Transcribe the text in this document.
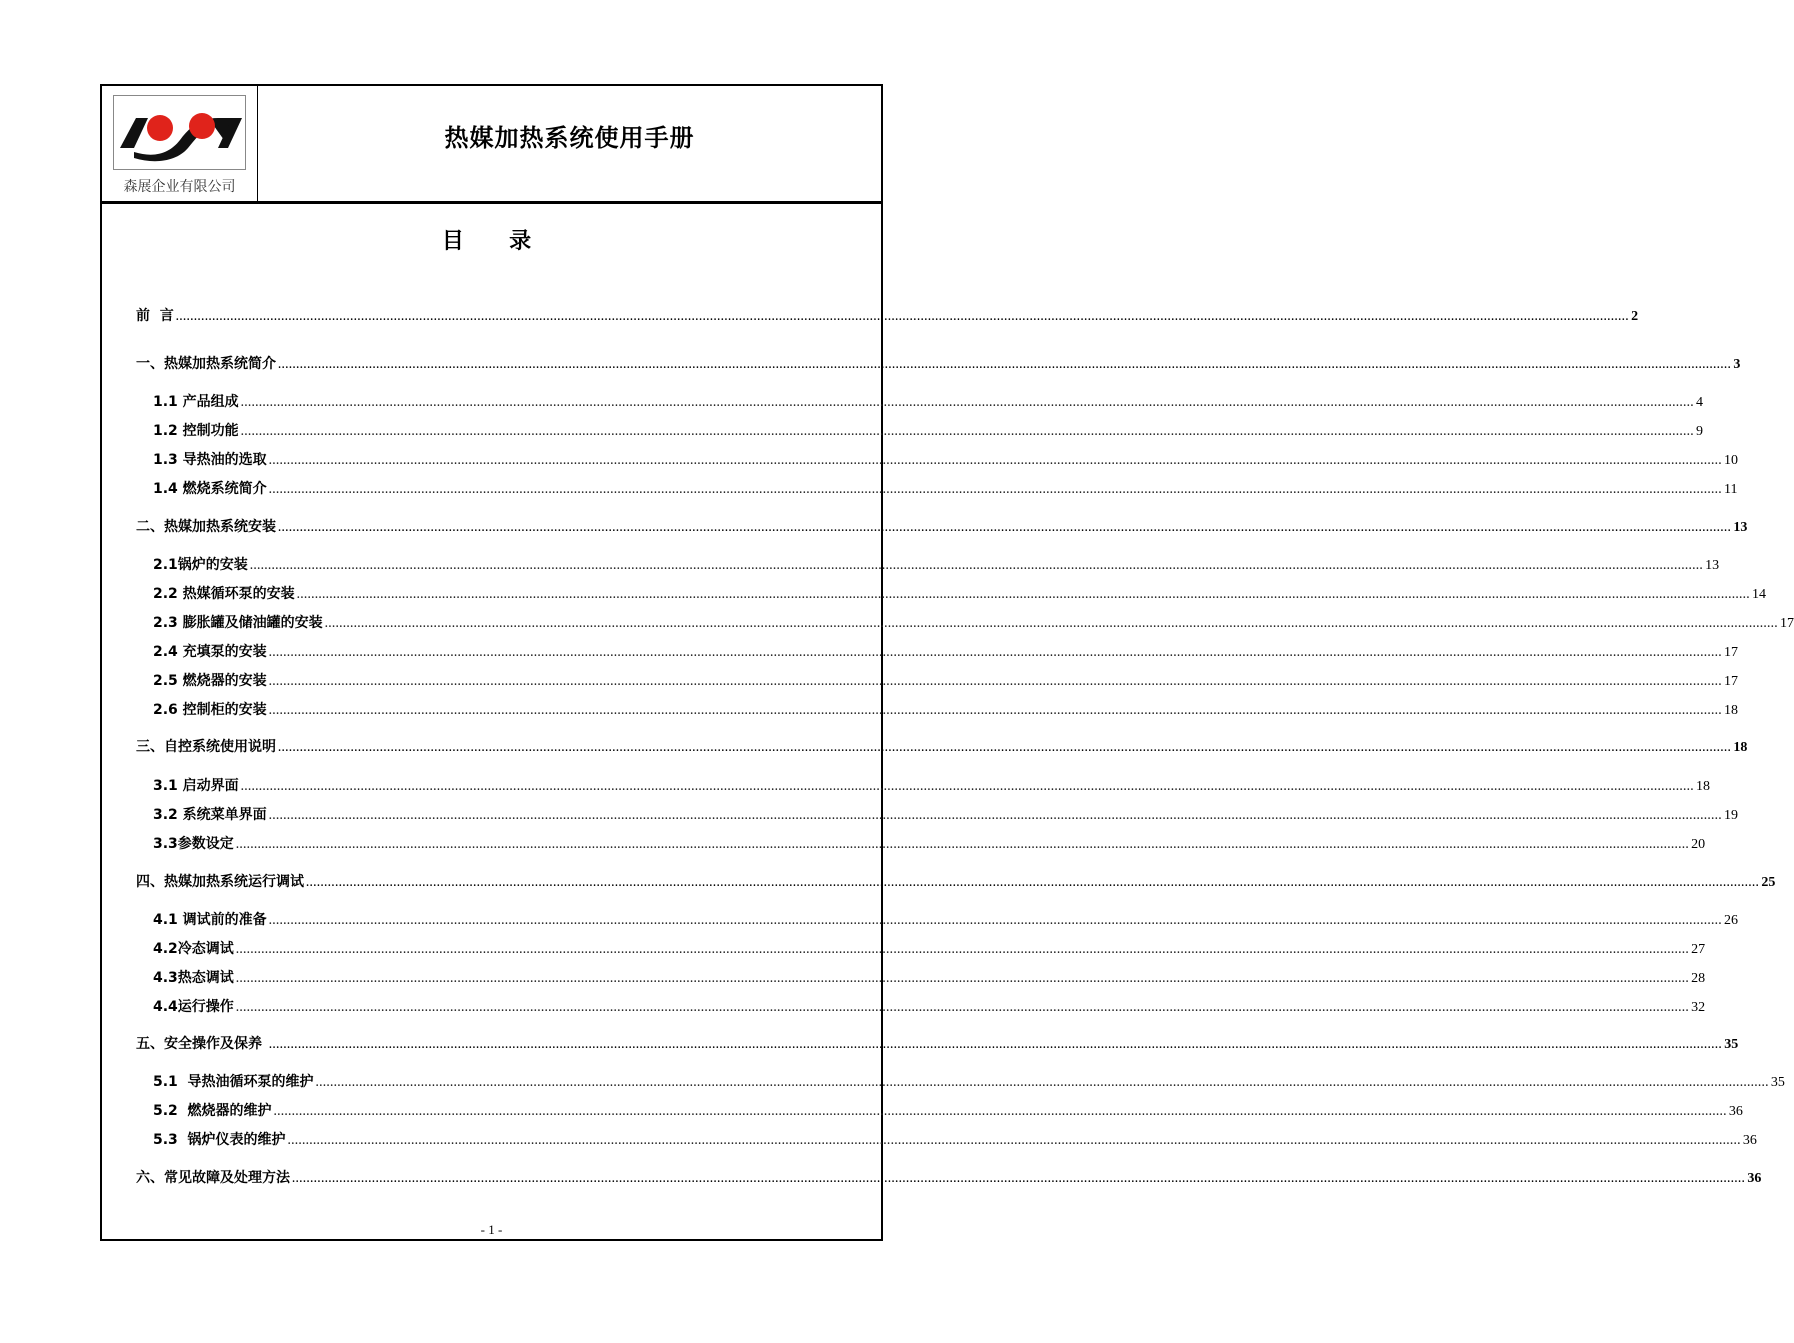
森展企业有限公司
热媒加热系统使用手册
目  录
前  言 ................................................................................................................................................................................................................................................................................................................................................................................................................ 2
一、热媒加热系统简介 ................................................................................................................................................................................................................................................................................................................................................................................................................ 3
1.1 产品组成 ................................................................................................................................................................................................................................................................................................................................................................................................................ 4
1.2 控制功能 ................................................................................................................................................................................................................................................................................................................................................................................................................ 9
1.3 导热油的选取 ................................................................................................................................................................................................................................................................................................................................................................................................................ 10
1.4 燃烧系统简介 ................................................................................................................................................................................................................................................................................................................................................................................................................ 11
二、热媒加热系统安装 ................................................................................................................................................................................................................................................................................................................................................................................................................ 13
2.1锅炉的安装 ................................................................................................................................................................................................................................................................................................................................................................................................................ 13
2.2 热媒循环泵的安装 ................................................................................................................................................................................................................................................................................................................................................................................................................ 14
2.3 膨胀罐及储油罐的安装 ................................................................................................................................................................................................................................................................................................................................................................................................................ 17
2.4 充填泵的安装 ................................................................................................................................................................................................................................................................................................................................................................................................................ 17
2.5 燃烧器的安装 ................................................................................................................................................................................................................................................................................................................................................................................................................ 17
2.6 控制柜的安装 ................................................................................................................................................................................................................................................................................................................................................................................................................ 18
三、自控系统使用说明 ................................................................................................................................................................................................................................................................................................................................................................................................................ 18
3.1 启动界面 ................................................................................................................................................................................................................................................................................................................................................................................................................ 18
3.2 系统菜单界面 ................................................................................................................................................................................................................................................................................................................................................................................................................ 19
3.3参数设定 ................................................................................................................................................................................................................................................................................................................................................................................................................ 20
四、热媒加热系统运行调试 ................................................................................................................................................................................................................................................................................................................................................................................................................ 25
4.1 调试前的准备 ................................................................................................................................................................................................................................................................................................................................................................................................................ 26
4.2冷态调试 ................................................................................................................................................................................................................................................................................................................................................................................................................ 27
4.3热态调试 ................................................................................................................................................................................................................................................................................................................................................................................................................ 28
4.4运行操作 ................................................................................................................................................................................................................................................................................................................................................................................................................ 32
五、安全操作及保养 ................................................................................................................................................................................................................................................................................................................................................................................................................ 35
5.1  导热油循环泵的维护 ................................................................................................................................................................................................................................................................................................................................................................................................................ 35
5.2  燃烧器的维护 ................................................................................................................................................................................................................................................................................................................................................................................................................ 36
5.3  锅炉仪表的维护 ................................................................................................................................................................................................................................................................................................................................................................................................................ 36
六、常见故障及处理方法 ................................................................................................................................................................................................................................................................................................................................................................................................................ 36
- 1 -
